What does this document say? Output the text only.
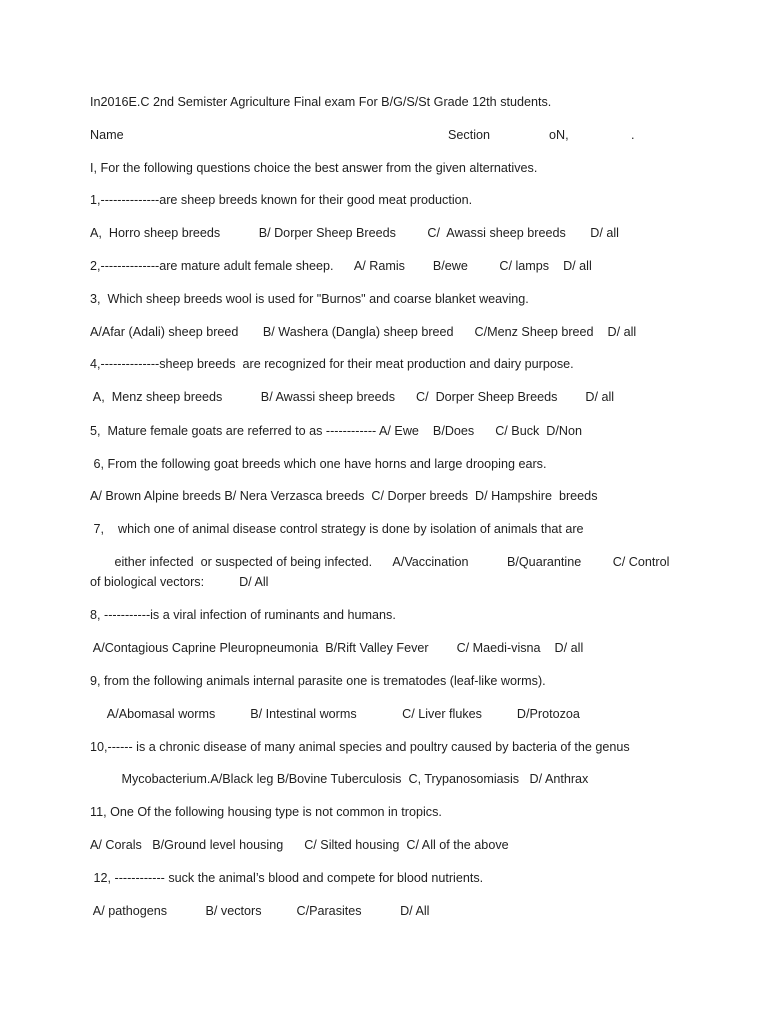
In2016E.C 2nd Semister Agriculture Final exam For B/G/S/St Grade 12th students.
Name	Section	oN,	.
I, For the following questions choice the best answer from the given alternatives.
1,--------------are sheep breeds known for their good meat production.
A,  Horro sheep breeds           B/ Dorper Sheep Breeds         C/  Awassi sheep breeds       D/ all
2,--------------are mature adult female sheep.      A/ Ramis        B/ewe         C/ lamps    D/ all
3,  Which sheep breeds wool is used for "Burnos" and coarse blanket weaving.
A/Afar (Adali) sheep breed       B/ Washera (Dangla) sheep breed      C/Menz Sheep breed    D/ all
4,--------------sheep breeds  are recognized for their meat production and dairy purpose.
A,  Menz sheep breeds           B/ Awassi sheep breeds      C/  Dorper Sheep Breeds        D/ all
5,  Mature female goats are referred to as ------------ A/ Ewe    B/Does      C/ Buck  D/Non
6, From the following goat breeds which one have horns and large drooping ears.
A/ Brown Alpine breeds B/ Nera Verzasca breeds  C/ Dorper breeds  D/ Hampshire  breeds
7,    which one of animal disease control strategy is done by isolation of animals that are
either infected  or suspected of being infected.      A/Vaccination           B/Quarantine         C/ Control
of biological vectors:          D/ All
8, -----------is a viral infection of ruminants and humans.
A/Contagious Caprine Pleuropneumonia  B/Rift Valley Fever        C/ Maedi-visna    D/ all
9, from the following animals internal parasite one is trematodes (leaf-like worms).
A/Abomasal worms          B/ Intestinal worms             C/ Liver flukes          D/Protozoa
10,------ is a chronic disease of many animal species and poultry caused by bacteria of the genus
Mycobacterium.A/Black leg B/Bovine Tuberculosis  C, Trypanosomiasis   D/ Anthrax
11, One Of the following housing type is not common in tropics.
A/ Corals   B/Ground level housing      C/ Silted housing  C/ All of the above
12, ------------ suck the animal’s blood and compete for blood nutrients.
A/ pathogens           B/ vectors          C/Parasites           D/ All
